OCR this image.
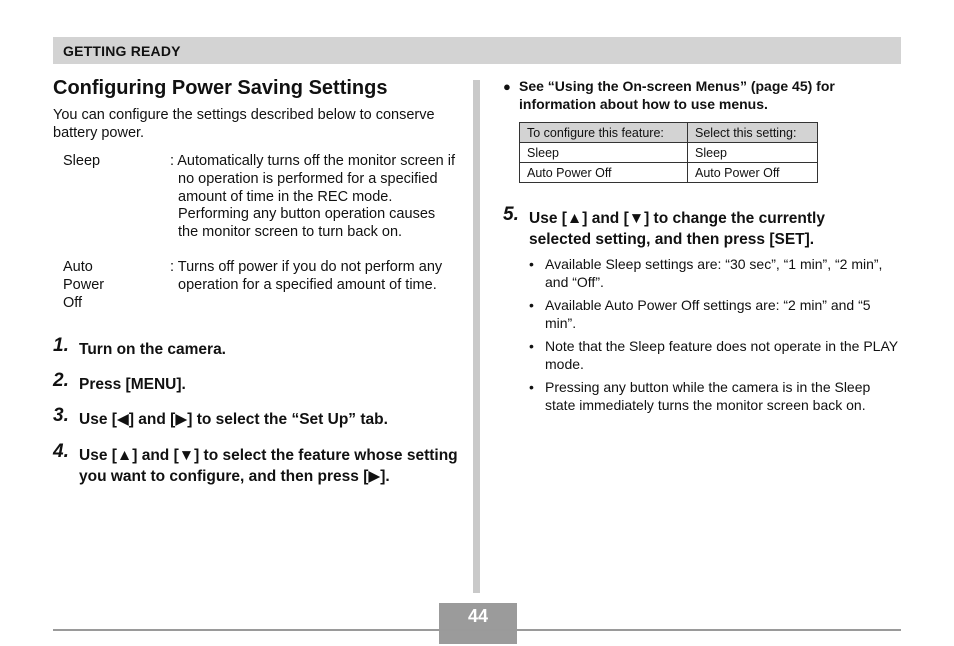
GETTING READY
Configuring Power Saving Settings
You can configure the settings described below to conserve battery power.
Sleep	: Automatically turns off the monitor screen if no operation is performed for a specified amount of time in the REC mode. Performing any button operation causes the monitor screen to turn back on.
Auto Power Off
: Turns off power if you do not perform any operation for a specified amount of time.
1. Turn on the camera.
2. Press [MENU].
3. Use [◀] and [▶] to select the “Set Up” tab.
4. Use [▲] and [▼] to select the feature whose setting you want to configure, and then press [▶].
● See “Using the On-screen Menus” (page 45) for information about how to use menus.
To configure this feature:	Select this setting:
Sleep	Sleep
Auto Power Off	Auto Power Off
5. Use [▲] and [▼] to change the currently selected setting, and then press [SET].
• Available Sleep settings are: “30 sec”, “1 min”, “2 min”, and “Off”.
• Available Auto Power Off settings are: “2 min” and “5 min”.
• Note that the Sleep feature does not operate in the PLAY mode.
• Pressing any button while the camera is in the Sleep state immediately turns the monitor screen back on.
44
